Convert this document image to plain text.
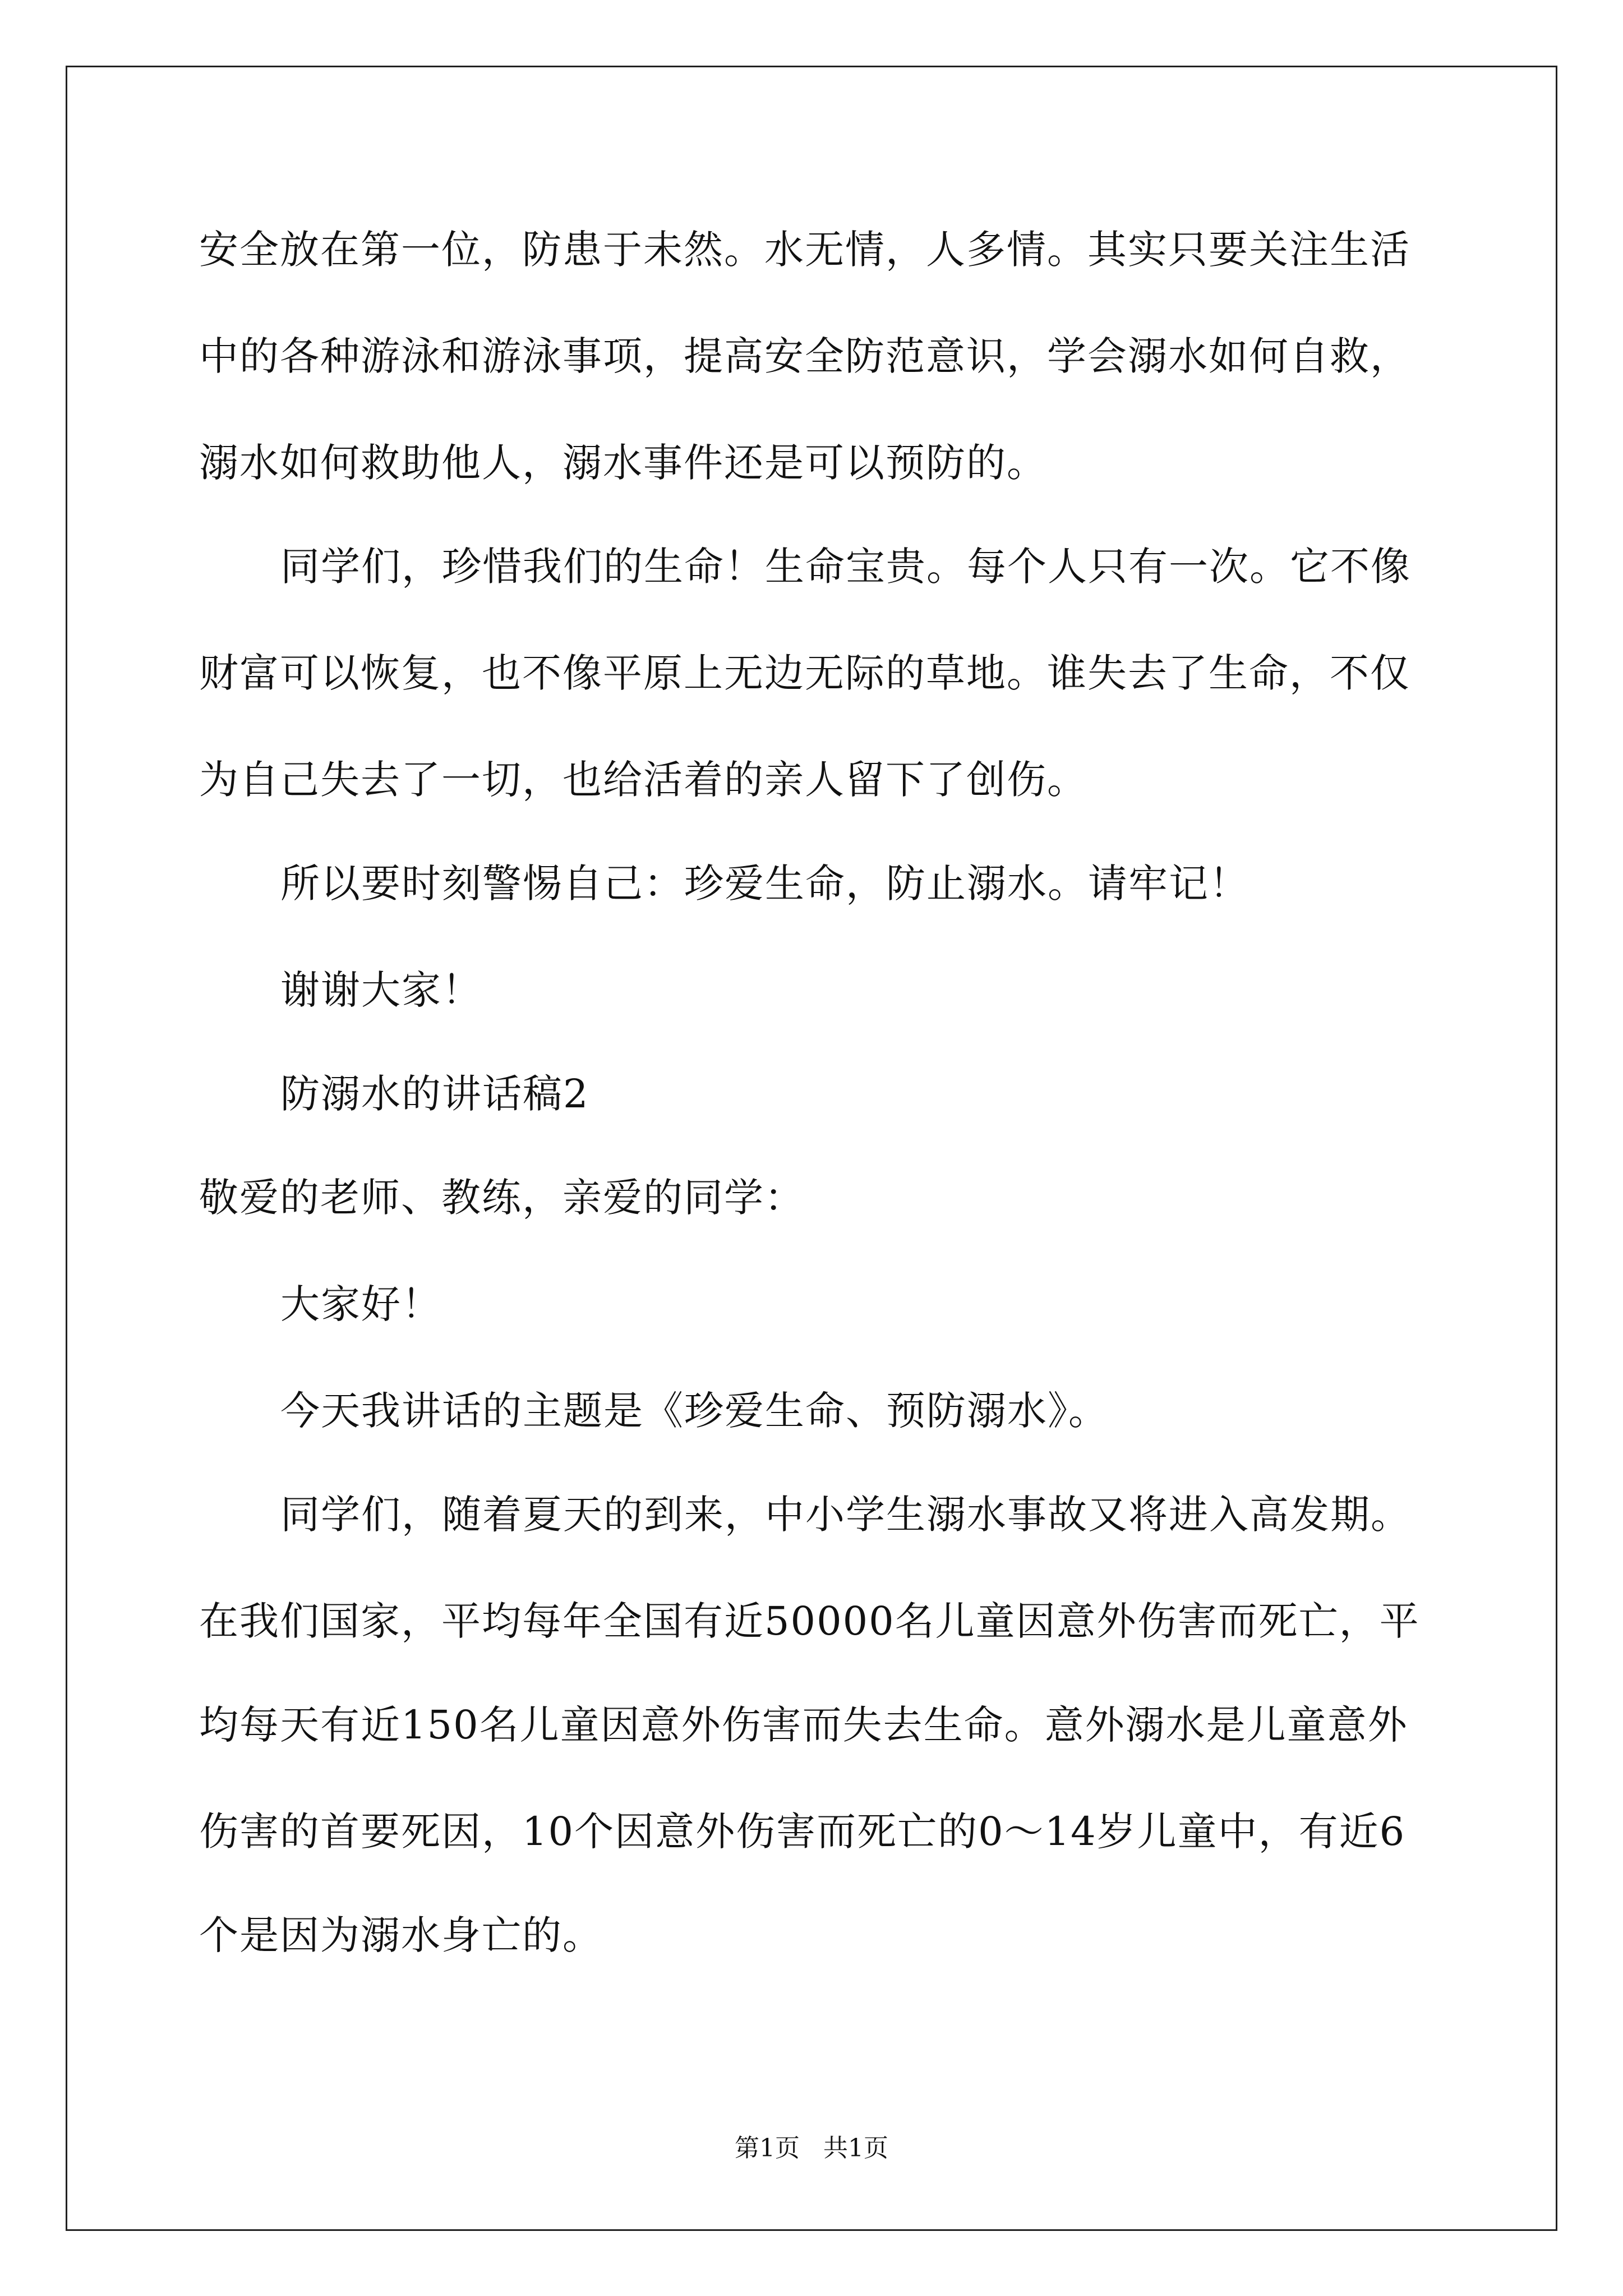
安全放在第一位，防患于未然。水无情，人多情。其实只要关注生活
中的各种游泳和游泳事项，提高安全防范意识，学会溺水如何自救，
溺水如何救助他人，溺水事件还是可以预防的。
同学们，珍惜我们的生命！生命宝贵。每个人只有一次。它不像
财富可以恢复，也不像平原上无边无际的草地。谁失去了生命，不仅
为自己失去了一切，也给活着的亲人留下了创伤。
所以要时刻警惕自己：珍爱生命，防止溺水。请牢记！
谢谢大家！
防溺水的讲话稿2
敬爱的老师、教练，亲爱的同学：
大家好！
今天我讲话的主题是《珍爱生命、预防溺水》。
同学们，随着夏天的到来，中小学生溺水事故又将进入高发期。
在我们国家，平均每年全国有近50000名儿童因意外伤害而死亡，平
均每天有近150名儿童因意外伤害而失去生命。意外溺水是儿童意外
伤害的首要死因，10个因意外伤害而死亡的0～14岁儿童中，有近6
个是因为溺水身亡的。
第1页   共1页
